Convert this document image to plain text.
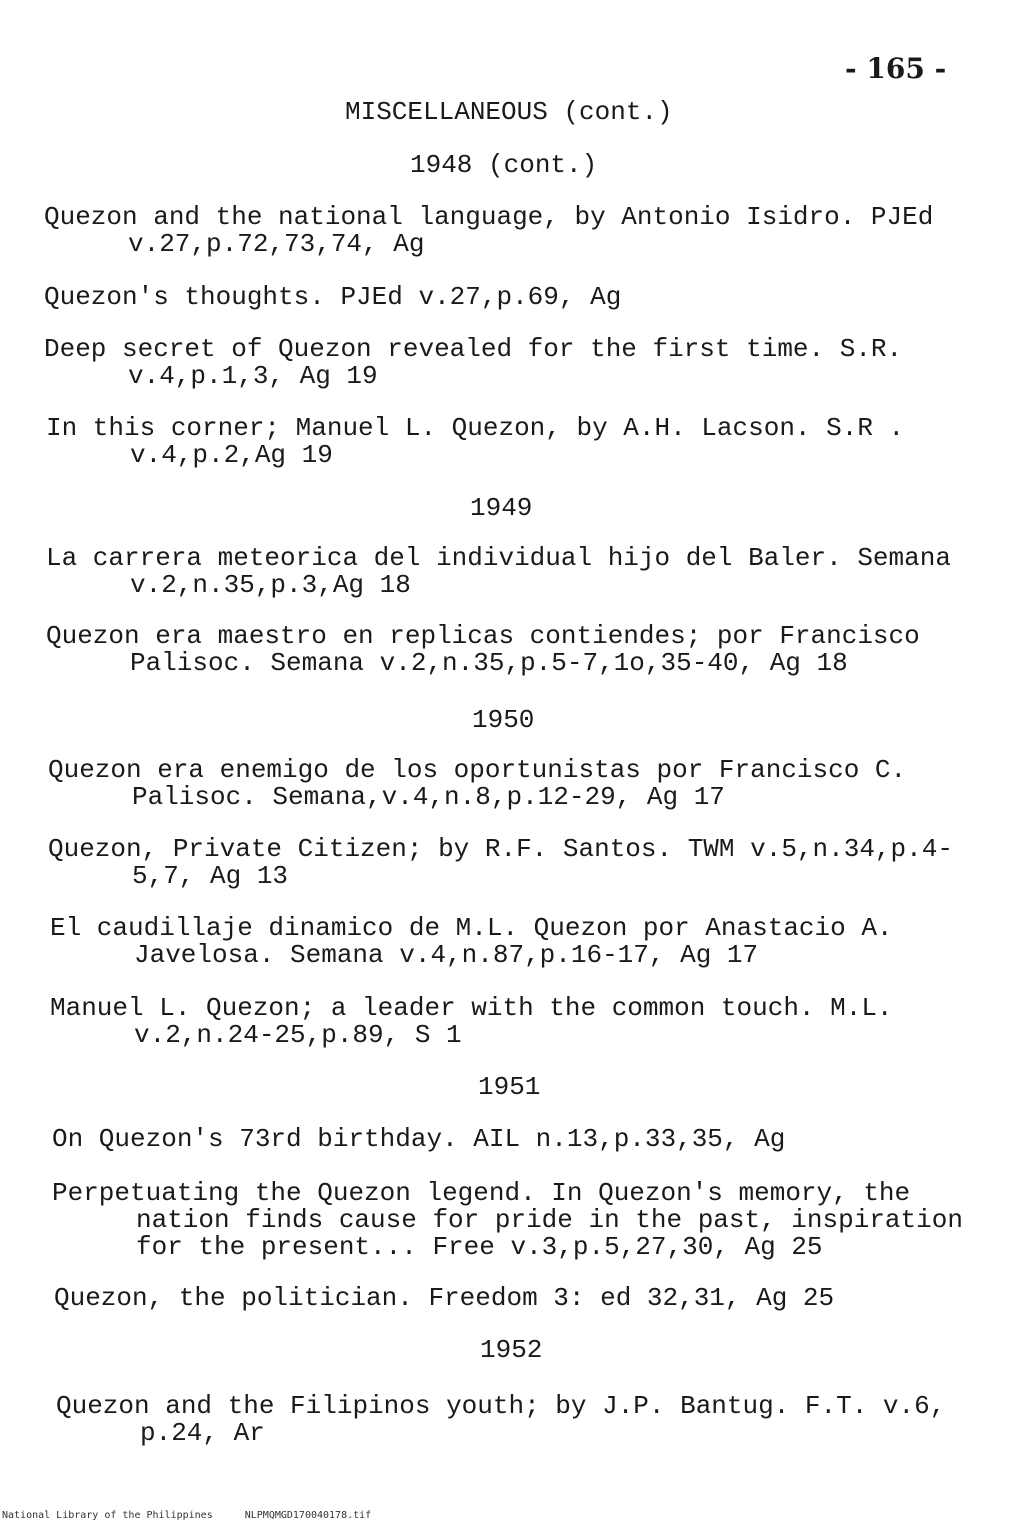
- 165 -
MISCELLANEOUS (cont.)
1948 (cont.)
Quezon and the national language, by Antonio Isidro. PJEd
v.27,p.72,73,74, Ag
Quezon's thoughts. PJEd v.27,p.69, Ag
Deep secret of Quezon revealed for the first time. S.R.
v.4,p.1,3, Ag 19
In this corner; Manuel L. Quezon, by A.H. Lacson. S.R .
v.4,p.2,Ag 19
1949
La carrera meteorica del individual hijo del Baler. Semana
v.2,n.35,p.3,Ag 18
Quezon era maestro en replicas contiendes; por Francisco
Palisoc. Semana v.2,n.35,p.5-7,1o,35-40, Ag 18
1950
Quezon era enemigo de los oportunistas por Francisco C.
Palisoc. Semana,v.4,n.8,p.12-29, Ag 17
Quezon, Private Citizen; by R.F. Santos. TWM v.5,n.34,p.4-
5,7, Ag 13
El caudillaje dinamico de M.L. Quezon por Anastacio A.
Javelosa. Semana v.4,n.87,p.16-17, Ag 17
Manuel L. Quezon; a leader with the common touch. M.L.
v.2,n.24-25,p.89, S 1
1951
On Quezon's 73rd birthday. AIL n.13,p.33,35, Ag
Perpetuating the Quezon legend. In Quezon's memory, the
nation finds cause for pride in the past, inspiration
for the present... Free v.3,p.5,27,30, Ag 25
Quezon, the politician. Freedom 3: ed 32,31, Ag 25
1952
Quezon and the Filipinos youth; by J.P. Bantug. F.T. v.6,
p.24, Ar
National Library of the Philippines	NLPMQMGD170040178.tif
